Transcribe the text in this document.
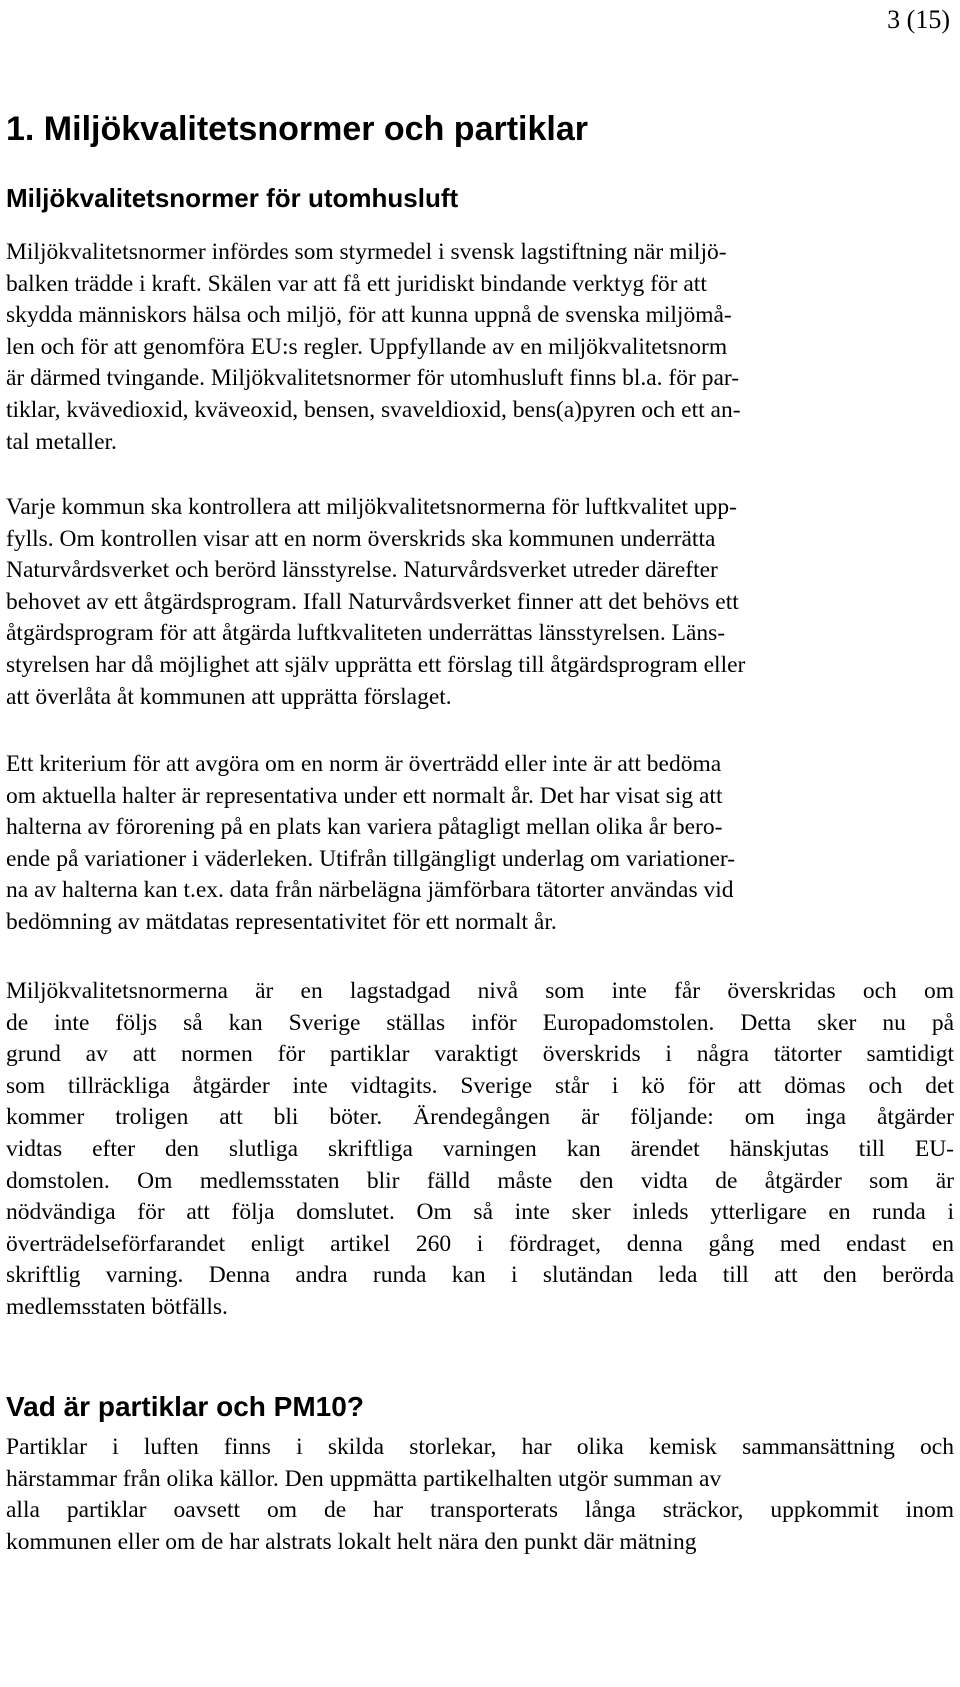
3 (15)
1. Miljökvalitetsnormer och partiklar
Miljökvalitetsnormer för utomhusluft

Miljökvalitetsnormer infördes som styrmedel i svensk lagstiftning när miljö-
balken trädde i kraft. Skälen var att få ett juridiskt bindande verktyg för att
skydda människors hälsa och miljö, för att kunna uppnå de svenska miljömå-
len och för att genomföra EU:s regler. Uppfyllande av en miljökvalitetsnorm
är därmed tvingande. Miljökvalitetsnormer för utomhusluft finns bl.a. för par-
tiklar, kvävedioxid, kväveoxid, bensen, svaveldioxid, bens(a)pyren och ett an-
tal metaller.

Varje kommun ska kontrollera att miljökvalitetsnormerna för luftkvalitet upp-
fylls. Om kontrollen visar att en norm överskrids ska kommunen underrätta
Naturvårdsverket och berörd länsstyrelse. Naturvårdsverket utreder därefter
behovet av ett åtgärdsprogram. Ifall Naturvårdsverket finner att det behövs ett
åtgärdsprogram för att åtgärda luftkvaliteten underrättas länsstyrelsen. Läns-
styrelsen har då möjlighet att själv upprätta ett förslag till åtgärdsprogram eller
att överlåta åt kommunen att upprätta förslaget.

Ett kriterium för att avgöra om en norm är överträdd eller inte är att bedöma
om aktuella halter är representativa under ett normalt år. Det har visat sig att
halterna av förorening på en plats kan variera påtagligt mellan olika år bero-
ende på variationer i väderleken. Utifrån tillgängligt underlag om variationer-
na av halterna kan t.ex. data från närbelägna jämförbara tätorter användas vid
bedömning av mätdatas representativitet för ett normalt år.

Miljökvalitetsnormerna är en lagstadgad nivå som inte får överskridas och om
de inte följs så kan Sverige ställas inför Europadomstolen. Detta sker nu på
grund av att normen för partiklar varaktigt överskrids i några tätorter samtidigt
som tillräckliga åtgärder inte vidtagits. Sverige står i kö för att dömas och det
kommer troligen att bli böter. Ärendegången är följande: om inga åtgärder
vidtas efter den slutliga skriftliga varningen kan ärendet hänskjutas till EU-
domstolen. Om medlemsstaten blir fälld måste den vidta de åtgärder som är
nödvändiga för att följa domslutet. Om så inte sker inleds ytterligare en runda i
överträdelseförfarandet enligt artikel 260 i fördraget, denna gång med endast en
skriftlig varning. Denna andra runda kan i slutändan leda till att den berörda
medlemsstaten bötfälls.

Vad är partiklar och PM10?

Partiklar i luften finns i skilda storlekar, har olika kemisk sammansättning och
härstammar från olika källor. Den uppmätta partikelhalten utgör summan av
alla partiklar oavsett om de har transporterats långa sträckor, uppkommit inom
kommunen eller om de har alstrats lokalt helt nära den punkt där mätning
